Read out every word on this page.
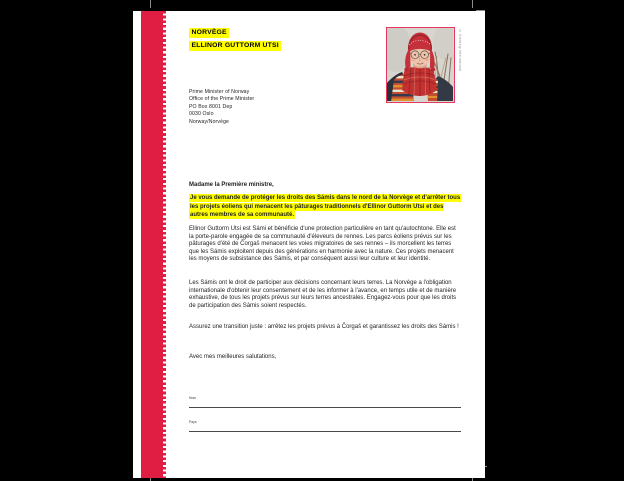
NORVÈGE
ELLINOR GUTTORM UTSI	© Amnesty International
Prime Minister of Norway
Office of the Prime Minister
PO Box 8001 Dep
0030 Oslo
Norway/Norvège
Madame la Première ministre,
Je vous demande de protéger les droits des Sámis dans le nord de la Norvège et d'arrêter tous les projets éoliens qui menacent les pâturages traditionnels d'Ellinor Guttorm Utsi et des autres membres de sa communauté.
Ellinor Guttorm Utsi est Sámi et bénéficie d'une protection particulière en tant qu'autochtone. Elle est la porte-parole engagée de sa communauté d'éleveurs de rennes. Les parcs éoliens prévus sur les pâturages d'été de Čorgaš menacent les voies migratoires de ses rennes – ils morcellent les terres que les Sámis exploitent depuis des générations en harmonie avec la nature. Ces projets menacent les moyens de subsistance des Sámis, et par conséquent aussi leur culture et leur identité.
Les Sámis ont le droit de participer aux décisions concernant leurs terres. La Norvège a l'obligation internationale d'obtenir leur consentement et de les informer à l'avance, en temps utile et de manière exhaustive, de tous les projets prévus sur leurs terres ancestrales. Engagez-vous pour que les droits de participation des Sámis soient respectés.
Assurez une transition juste : arrêtez les projets prévus à Čorgaš et garantissez les droits des Sámis !
Avec mes meilleures salutations,
Nom
Pays
